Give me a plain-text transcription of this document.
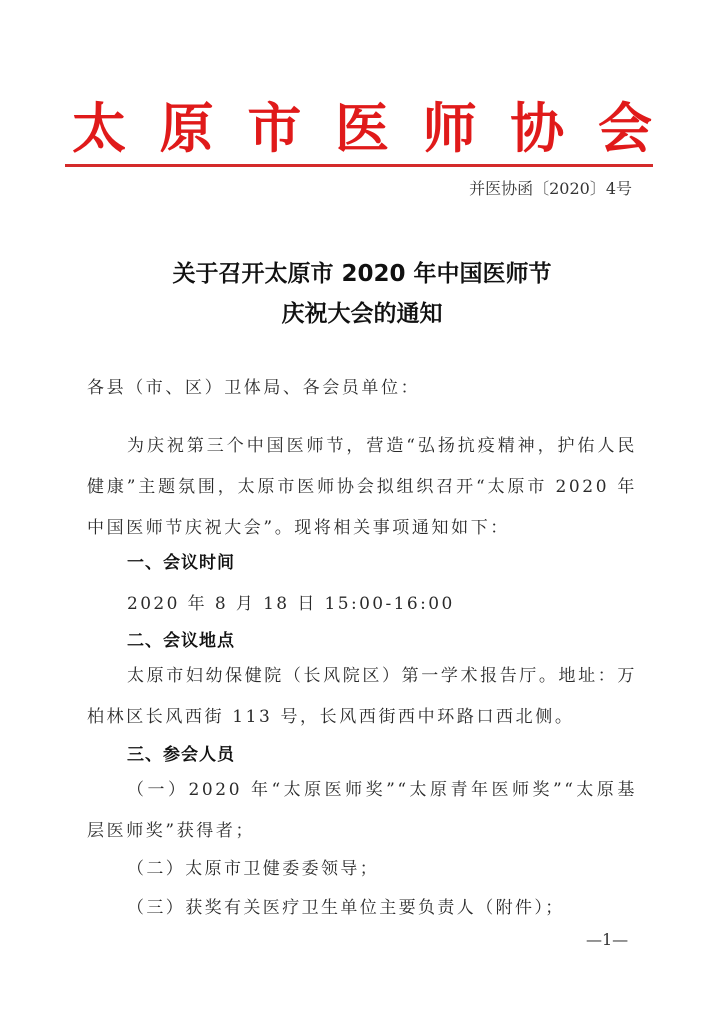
太 原 市 医 师 协 会
并医协函〔2020〕4号
关于召开太原市 2020 年中国医师节
庆祝大会的通知
各县（市、区）卫体局、各会员单位：
为庆祝第三个中国医师节，营造“弘扬抗疫精神，护佑人民健康”主题氛围，太原市医师协会拟组织召开“太原市 2020 年中国医师节庆祝大会”。现将相关事项通知如下：
一、会议时间
2020 年 8 月 18 日 15:00-16:00
二、会议地点
太原市妇幼保健院（长风院区）第一学术报告厅。地址：万柏林区长风西街 113 号，长风西街西中环路口西北侧。
三、参会人员
（一）2020 年“太原医师奖”“太原青年医师奖”“太原基层医师奖”获得者；
（二）太原市卫健委委领导；
（三）获奖有关医疗卫生单位主要负责人（附件）；
—1—
